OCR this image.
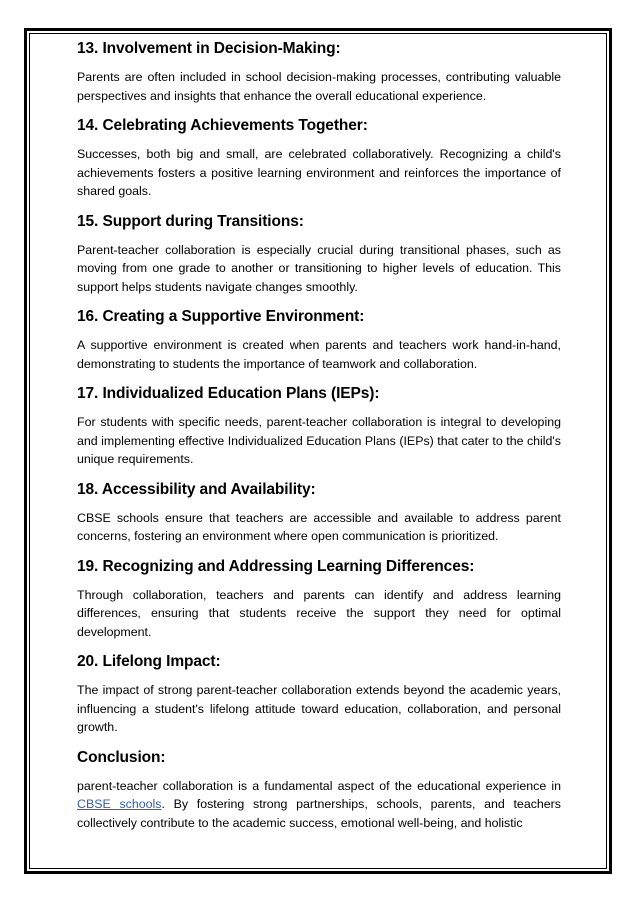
13. Involvement in Decision-Making:

Parents are often included in school decision-making processes, contributing valuable perspectives and insights that enhance the overall educational experience.

14. Celebrating Achievements Together:

Successes, both big and small, are celebrated collaboratively. Recognizing a child's achievements fosters a positive learning environment and reinforces the importance of shared goals.

15. Support during Transitions:

Parent-teacher collaboration is especially crucial during transitional phases, such as moving from one grade to another or transitioning to higher levels of education. This support helps students navigate changes smoothly.

16. Creating a Supportive Environment:

A supportive environment is created when parents and teachers work hand-in-hand, demonstrating to students the importance of teamwork and collaboration.

17. Individualized Education Plans (IEPs):

For students with specific needs, parent-teacher collaboration is integral to developing and implementing effective Individualized Education Plans (IEPs) that cater to the child's unique requirements.

18. Accessibility and Availability:

CBSE schools ensure that teachers are accessible and available to address parent concerns, fostering an environment where open communication is prioritized.

19. Recognizing and Addressing Learning Differences:

Through collaboration, teachers and parents can identify and address learning differences, ensuring that students receive the support they need for optimal development.

20. Lifelong Impact:

The impact of strong parent-teacher collaboration extends beyond the academic years, influencing a student's lifelong attitude toward education, collaboration, and personal growth.

Conclusion:

parent-teacher collaboration is a fundamental aspect of the educational experience in CBSE schools. By fostering strong partnerships, schools, parents, and teachers collectively contribute to the academic success, emotional well-being, and holistic
